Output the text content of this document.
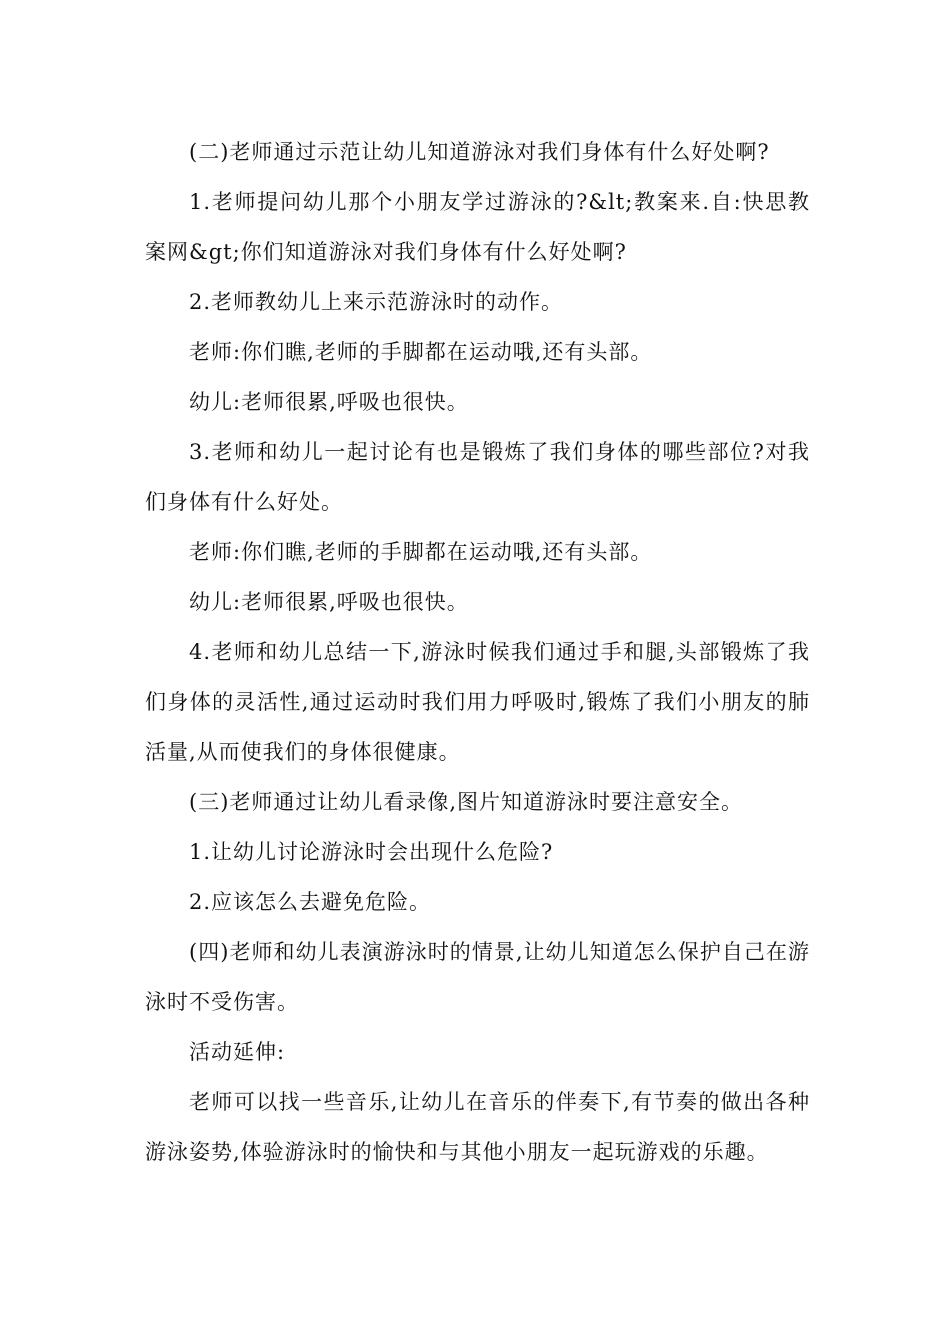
(二)老师通过示范让幼儿知道游泳对我们身体有什么好处啊?

1.老师提问幼儿那个小朋友学过游泳的?&lt;教案来.自:快思教案网&gt;你们知道游泳对我们身体有什么好处啊?

2.老师教幼儿上来示范游泳时的动作。

老师:你们瞧,老师的手脚都在运动哦,还有头部。

幼儿:老师很累,呼吸也很快。

3.老师和幼儿一起讨论有也是锻炼了我们身体的哪些部位?对我们身体有什么好处。

老师:你们瞧,老师的手脚都在运动哦,还有头部。

幼儿:老师很累,呼吸也很快。

4.老师和幼儿总结一下,游泳时候我们通过手和腿,头部锻炼了我们身体的灵活性,通过运动时我们用力呼吸时,锻炼了我们小朋友的肺活量,从而使我们的身体很健康。

(三)老师通过让幼儿看录像,图片知道游泳时要注意安全。

1.让幼儿讨论游泳时会出现什么危险?

2.应该怎么去避免危险。

(四)老师和幼儿表演游泳时的情景,让幼儿知道怎么保护自己在游泳时不受伤害。

活动延伸:

老师可以找一些音乐,让幼儿在音乐的伴奏下,有节奏的做出各种游泳姿势,体验游泳时的愉快和与其他小朋友一起玩游戏的乐趣。
